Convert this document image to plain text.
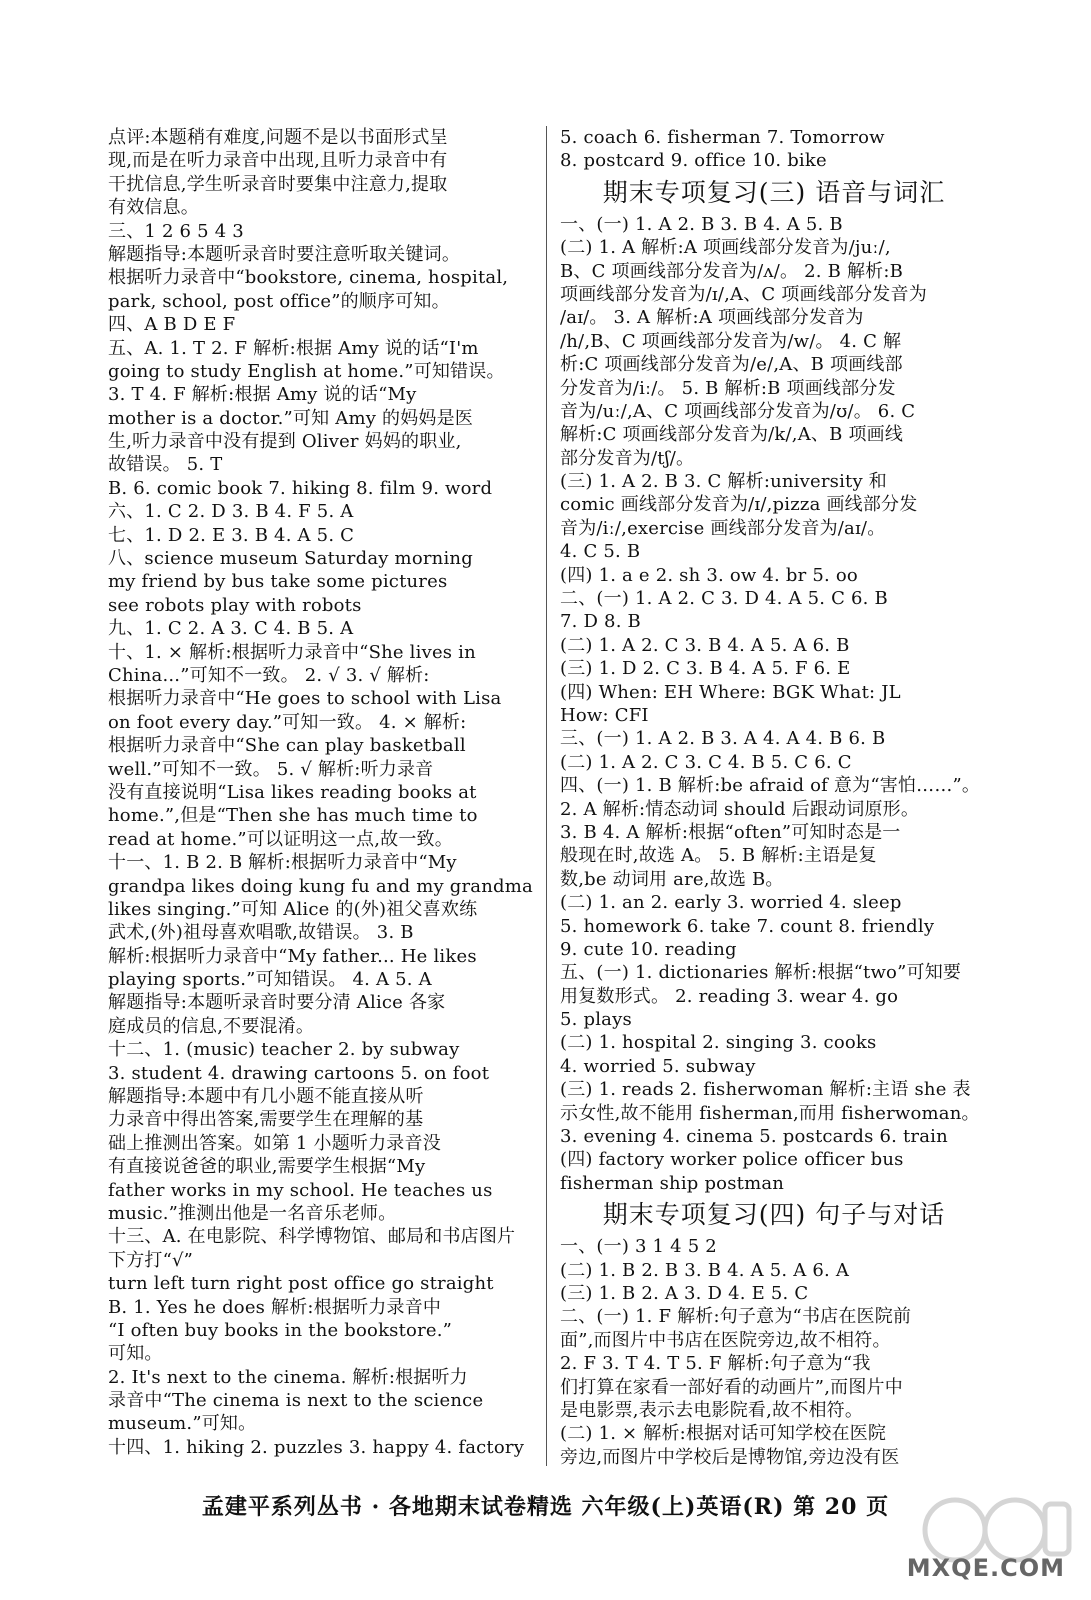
点评:本题稍有难度,问题不是以书面形式呈
现,而是在听力录音中出现,且听力录音中有
干扰信息,学生听录音时要集中注意力,提取
有效信息。
三、1 2 6 5 4 3
解题指导:本题听录音时要注意听取关键词。
根据听力录音中“bookstore, cinema, hospital,
park, school, post office”的顺序可知。
四、A B D E F
五、A. 1. T 2. F 解析:根据 Amy 说的话“I'm
going to study English at home.”可知错误。
3. T 4. F 解析:根据 Amy 说的话“My
mother is a doctor.”可知 Amy 的妈妈是医
生,听力录音中没有提到 Oliver 妈妈的职业,
故错误。 5. T
B. 6. comic book 7. hiking 8. film 9. word
六、1. C 2. D 3. B 4. F 5. A
七、1. D 2. E 3. B 4. A 5. C
八、science museum Saturday morning
my friend by bus take some pictures
see robots play with robots
九、1. C 2. A 3. C 4. B 5. A
十、1. × 解析:根据听力录音中“She lives in
China...”可知不一致。 2. √ 3. √ 解析:
根据听力录音中“He goes to school with Lisa
on foot every day.”可知一致。 4. × 解析:
根据听力录音中“She can play basketball
well.”可知不一致。 5. √ 解析:听力录音
没有直接说明“Lisa likes reading books at
home.”,但是“Then she has much time to
read at home.”可以证明这一点,故一致。
十一、1. B 2. B 解析:根据听力录音中“My
grandpa likes doing kung fu and my grandma
likes singing.”可知 Alice 的(外)祖父喜欢练
武术,(外)祖母喜欢唱歌,故错误。 3. B
解析:根据听力录音中“My father... He likes
playing sports.”可知错误。 4. A 5. A
解题指导:本题听录音时要分清 Alice 各家
庭成员的信息,不要混淆。
十二、1. (music) teacher 2. by subway
3. student 4. drawing cartoons 5. on foot
解题指导:本题中有几小题不能直接从听
力录音中得出答案,需要学生在理解的基
础上推测出答案。如第 1 小题听力录音没
有直接说爸爸的职业,需要学生根据“My
father works in my school. He teaches us
music.”推测出他是一名音乐老师。
十三、A. 在电影院、科学博物馆、邮局和书店图片
下方打“√”
turn left turn right post office go straight
B. 1. Yes he does 解析:根据听力录音中
“I often buy books in the bookstore.”
可知。
2. It's next to the cinema. 解析:根据听力
录音中“The cinema is next to the science
museum.”可知。
十四、1. hiking 2. puzzles 3. happy 4. factory
5. coach 6. fisherman 7. Tomorrow
8. postcard 9. office 10. bike
期末专项复习(三) 语音与词汇
一、(一) 1. A 2. B 3. B 4. A 5. B
(二) 1. A 解析:A 项画线部分发音为/juː/,
B、C 项画线部分发音为/ʌ/。 2. B 解析:B
项画线部分发音为/ɪ/,A、C 项画线部分发音为
/aɪ/。 3. A 解析:A 项画线部分发音为
/h/,B、C 项画线部分发音为/w/。 4. C 解
析:C 项画线部分发音为/e/,A、B 项画线部
分发音为/iː/。 5. B 解析:B 项画线部分发
音为/uː/,A、C 项画线部分发音为/ʊ/。 6. C
解析:C 项画线部分发音为/k/,A、B 项画线
部分发音为/tʃ/。
(三) 1. A 2. B 3. C 解析:university 和
comic 画线部分发音为/ɪ/,pizza 画线部分发
音为/iː/,exercise 画线部分发音为/aɪ/。
4. C 5. B
(四) 1. a e 2. sh 3. ow 4. br 5. oo
二、(一) 1. A 2. C 3. D 4. A 5. C 6. B
7. D 8. B
(二) 1. A 2. C 3. B 4. A 5. A 6. B
(三) 1. D 2. C 3. B 4. A 5. F 6. E
(四) When: EH Where: BGK What: JL
How: CFI
三、(一) 1. A 2. B 3. A 4. A 4. B 6. B
(二) 1. A 2. C 3. C 4. B 5. C 6. C
四、(一) 1. B 解析:be afraid of 意为“害怕……”。
2. A 解析:情态动词 should 后跟动词原形。
3. B 4. A 解析:根据“often”可知时态是一
般现在时,故选 A。 5. B 解析:主语是复
数,be 动词用 are,故选 B。
(二) 1. an 2. early 3. worried 4. sleep
5. homework 6. take 7. count 8. friendly
9. cute 10. reading
五、(一) 1. dictionaries 解析:根据“two”可知要
用复数形式。 2. reading 3. wear 4. go
5. plays
(二) 1. hospital 2. singing 3. cooks
4. worried 5. subway
(三) 1. reads 2. fisherwoman 解析:主语 she 表
示女性,故不能用 fisherman,而用 fisherwoman。
3. evening 4. cinema 5. postcards 6. train
(四) factory worker police officer bus
fisherman ship postman
期末专项复习(四) 句子与对话
一、(一) 3 1 4 5 2
(二) 1. B 2. B 3. B 4. A 5. A 6. A
(三) 1. B 2. A 3. D 4. E 5. C
二、(一) 1. F 解析:句子意为“书店在医院前
面”,而图片中书店在医院旁边,故不相符。
2. F 3. T 4. T 5. F 解析:句子意为“我
们打算在家看一部好看的动画片”,而图片中
是电影票,表示去电影院看,故不相符。
(二) 1. × 解析:根据对话可知学校在医院
旁边,而图片中学校后是博物馆,旁边没有医
孟建平系列丛书 · 各地期末试卷精选 六年级(上)英语(R) 第 20 页
MXQE.COM
